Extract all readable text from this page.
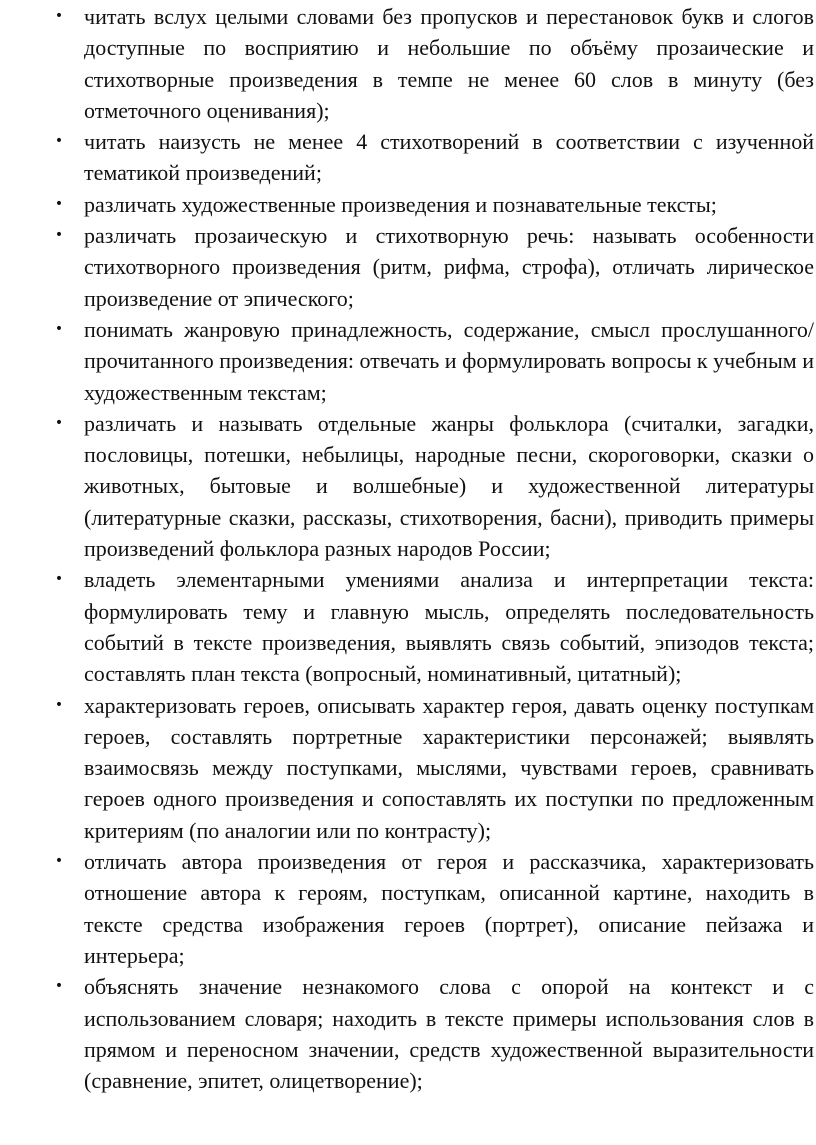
• читать вслух целыми словами без пропусков и перестановок букв и слогов доступные по восприятию и небольшие по объёму прозаические и стихотворные произведения в темпе не менее 60 слов в минуту (без отметочного оценивания);
• читать наизусть не менее 4 стихотворений в соответствии с изученной тематикой произведений;
• различать художественные произведения и познавательные тексты;
• различать прозаическую и стихотворную речь: называть особенности стихотворного произведения (ритм, рифма, строфа), отличать лирическое произведение от эпического;
• понимать жанровую принадлежность, содержание, смысл прослушанного/прочитанного произведения: отвечать и формулировать вопросы к учебным и художественным текстам;
• различать и называть отдельные жанры фольклора (считалки, загадки, пословицы, потешки, небылицы, народные песни, скороговорки, сказки о животных, бытовые и волшебные) и художественной литературы (литературные сказки, рассказы, стихотворения, басни), приводить примеры произведений фольклора разных народов России;
• владеть элементарными умениями анализа и интерпретации текста: формулировать тему и главную мысль, определять последовательность событий в тексте произведения, выявлять связь событий, эпизодов текста; составлять план текста (вопросный, номинативный, цитатный);
• характеризовать героев, описывать характер героя, давать оценку поступкам героев, составлять портретные характеристики персонажей; выявлять взаимосвязь между поступками, мыслями, чувствами героев, сравнивать героев одного произведения и сопоставлять их поступки по предложенным критериям (по аналогии или по контрасту);
• отличать автора произведения от героя и рассказчика, характеризовать отношение автора к героям, поступкам, описанной картине, находить в тексте средства изображения героев (портрет), описание пейзажа и интерьера;
• объяснять значение незнакомого слова с опорой на контекст и с использованием словаря; находить в тексте примеры использования слов в прямом и переносном значении, средств художественной выразительности (сравнение, эпитет, олицетворение);
